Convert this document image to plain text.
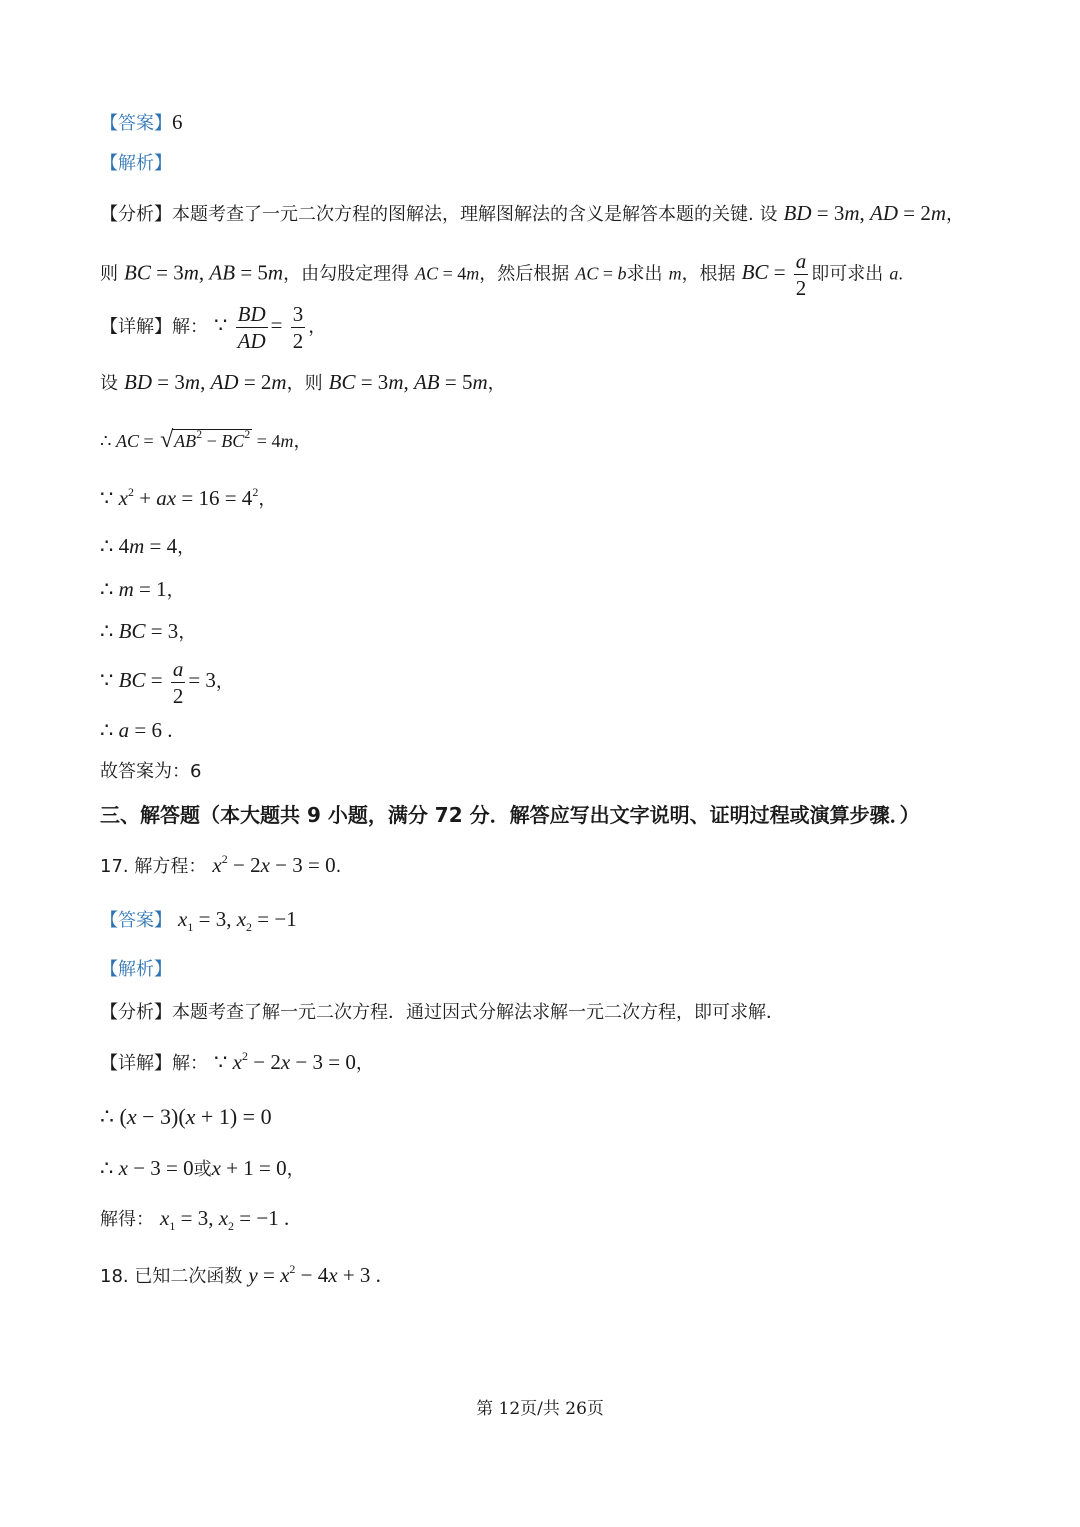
【答案】6
【解析】
【分析】本题考查了一元二次方程的图解法，理解图解法的含义是解答本题的关键. 设 BD = 3m, AD = 2m，
则 BC = 3m, AB = 5m，由勾股定理得 AC = 4m，然后根据 AC = b求出 m，根据 BC = $\frac{a}{2}$ 即可求出 a.
【详解】解： ∵ $\frac{BD}{AD} = \frac{3}{2}$ ，
设 BD = 3m, AD = 2m，则 BC = 3m, AB = 5m，
∴ AC = √ $AB^2 - BC^2 = 4m$，
∵ $x^2$ + ax = $16 = 4^2$，
∴ 4m = 4，
∴ m = 1，
∴ BC = 3，
∵ BC = $\frac{a}{2} = 3$，
∴ a = 6 .
故答案为：6
三、解答题（本大题共 9 小题，满分 72 分．解答应写出文字说明、证明过程或演算步骤．）
17. 解方程： $x^2 - 2x - 3 = 0$.
【答案】 $x_1 = 3$, $x_2 = -1$
【解析】
【分析】本题考查了解一元二次方程．通过因式分解法求解一元二次方程，即可求解．
【详解】解： ∵ $x^2 - 2x - 3 = 0$，
∴ (x − 3)(x + 1) = 0
∴ x − 3 = 0或x + 1 = 0，
解得： $x_1 = 3$, $x_2 = -1$ .
18. 已知二次函数 $y = x^2 - 4x + 3$ .
第 12页/共 26页
